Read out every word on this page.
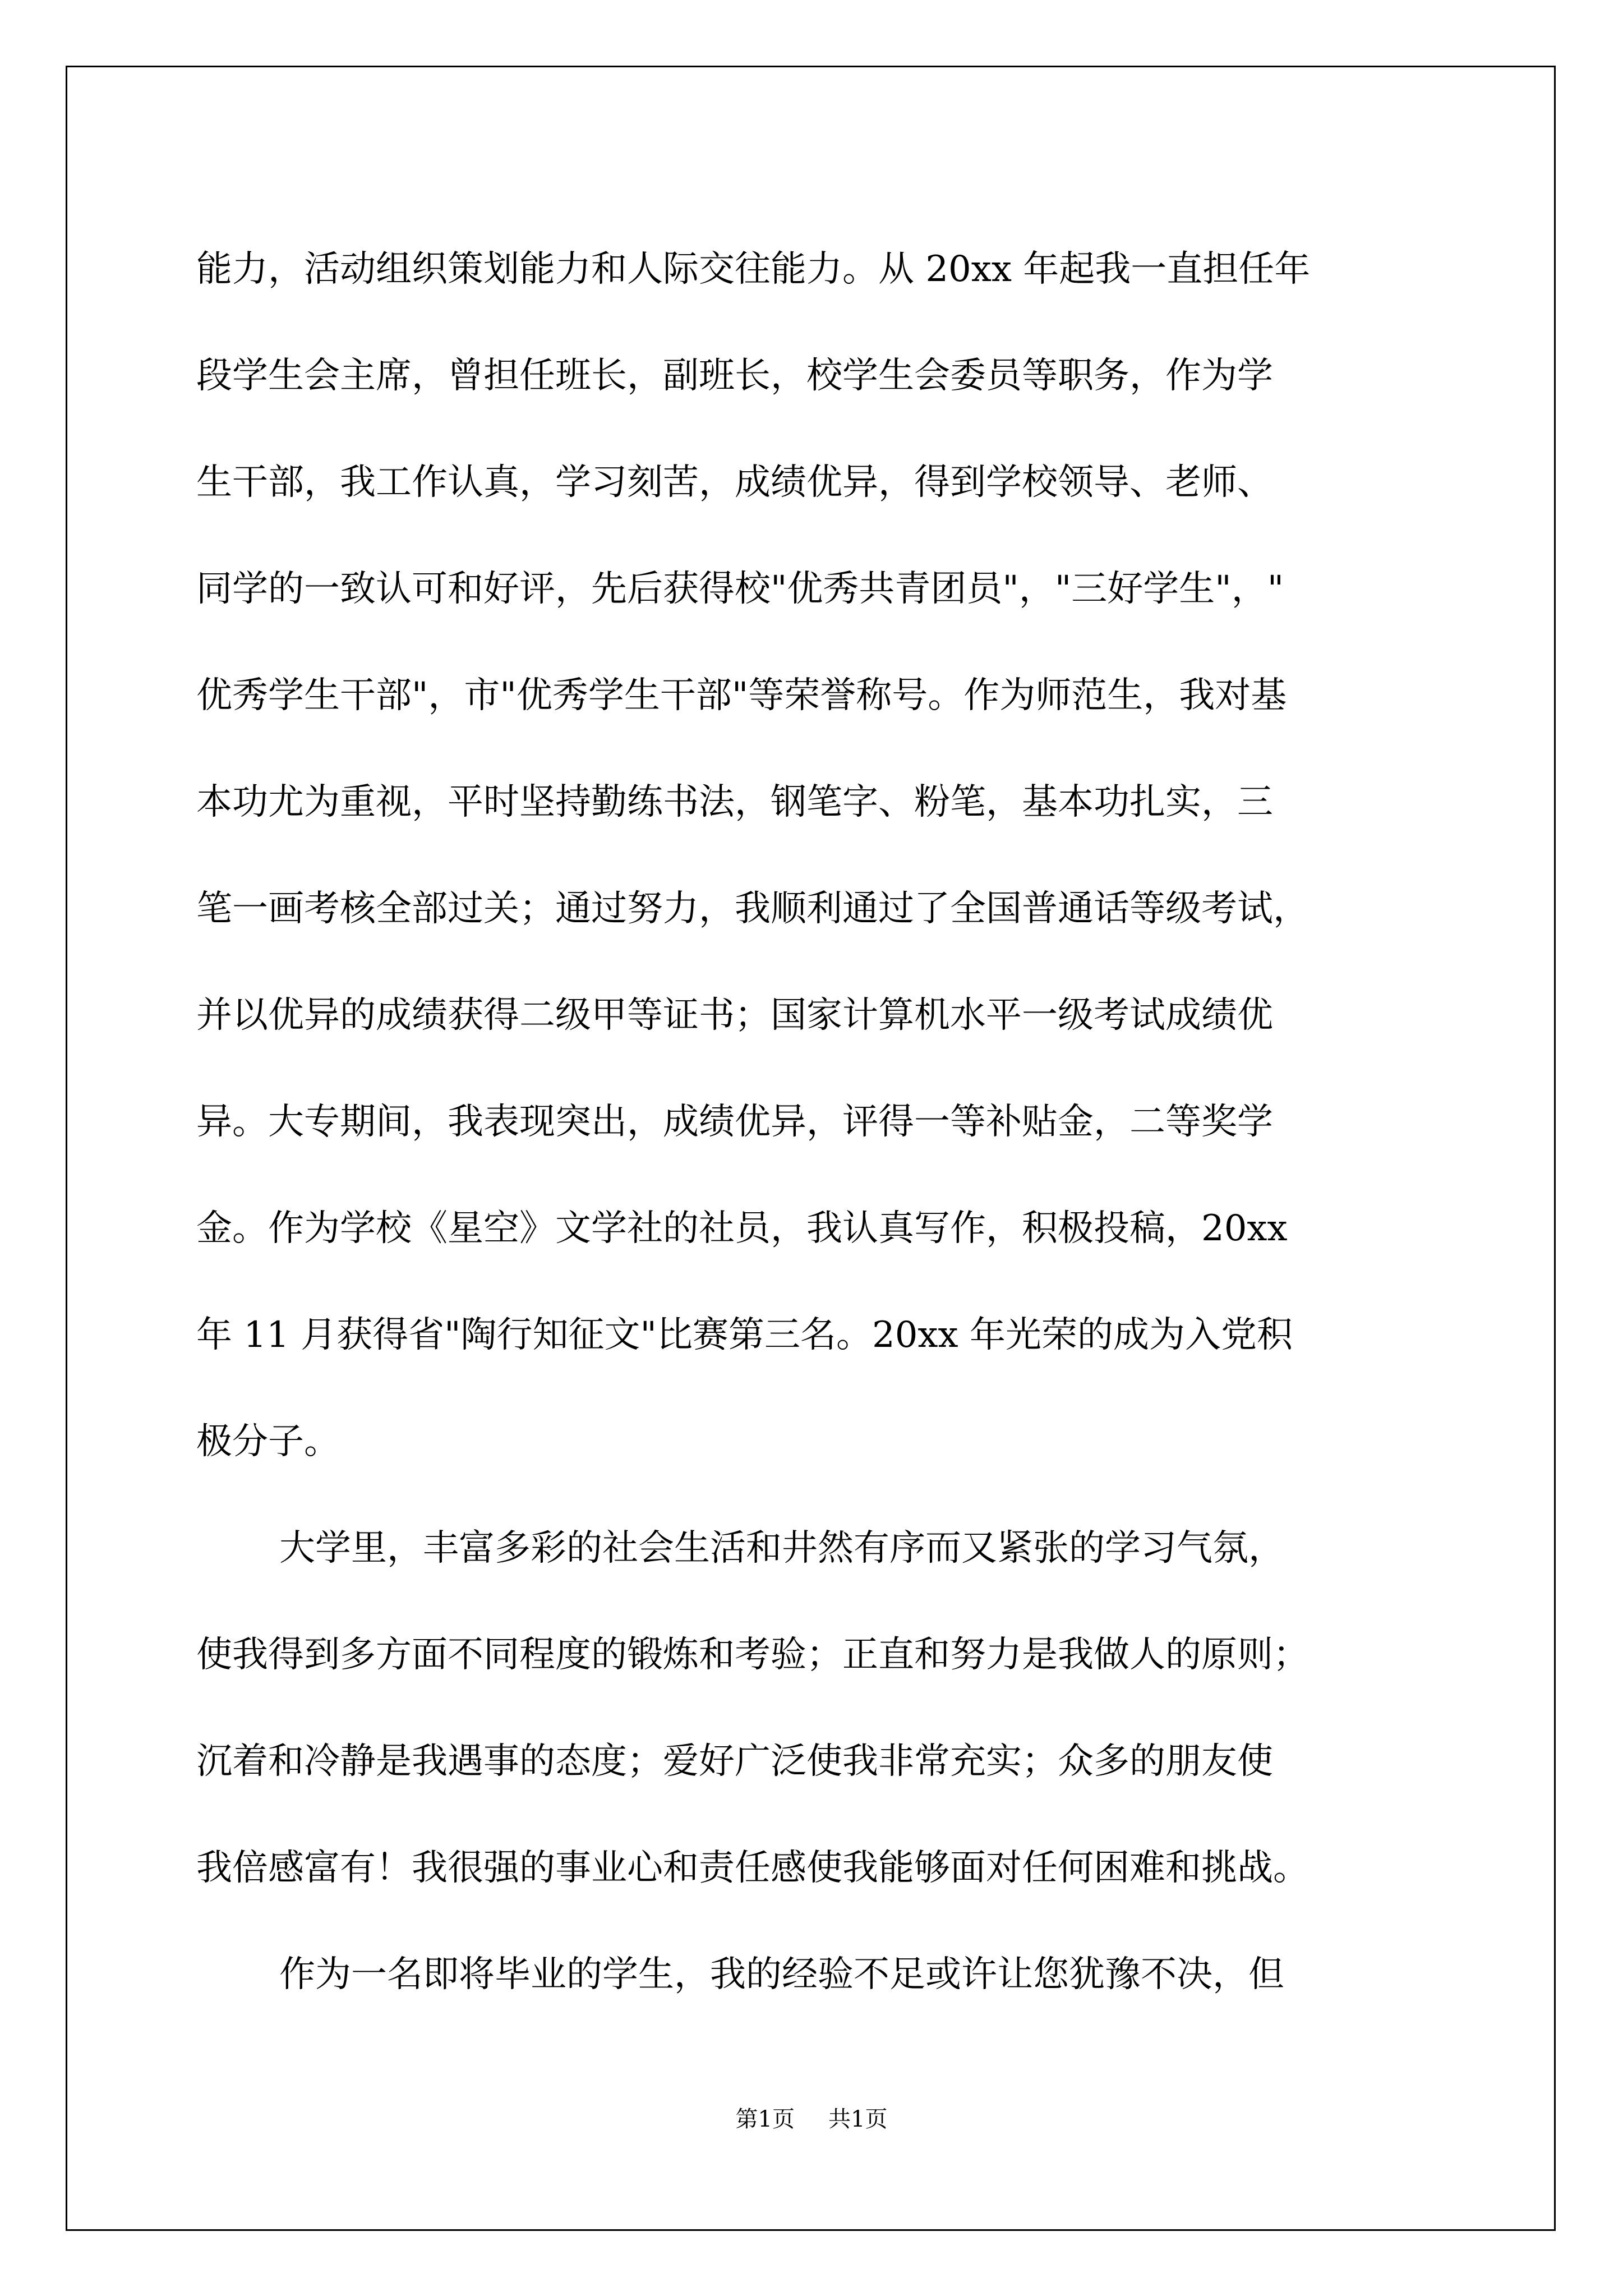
能力，活动组织策划能力和人际交往能力。从 20xx 年起我一直担任年
段学生会主席，曾担任班长，副班长，校学生会委员等职务，作为学
生干部，我工作认真，学习刻苦，成绩优异，得到学校领导、老师、
同学的一致认可和好评，先后获得校"优秀共青团员"，"三好学生"，"
优秀学生干部"，市"优秀学生干部"等荣誉称号。作为师范生，我对基
本功尤为重视，平时坚持勤练书法，钢笔字、粉笔，基本功扎实，三
笔一画考核全部过关；通过努力，我顺利通过了全国普通话等级考试，
并以优异的成绩获得二级甲等证书；国家计算机水平一级考试成绩优
异。大专期间，我表现突出，成绩优异，评得一等补贴金，二等奖学
金。作为学校《星空》文学社的社员，我认真写作，积极投稿，20xx
年 11 月获得省"陶行知征文"比赛第三名。20xx 年光荣的成为入党积
极分子。
大学里，丰富多彩的社会生活和井然有序而又紧张的学习气氛，
使我得到多方面不同程度的锻炼和考验；正直和努力是我做人的原则；
沉着和冷静是我遇事的态度；爱好广泛使我非常充实；众多的朋友使
我倍感富有！我很强的事业心和责任感使我能够面对任何困难和挑战。
作为一名即将毕业的学生，我的经验不足或许让您犹豫不决，但
第1页 共1页
